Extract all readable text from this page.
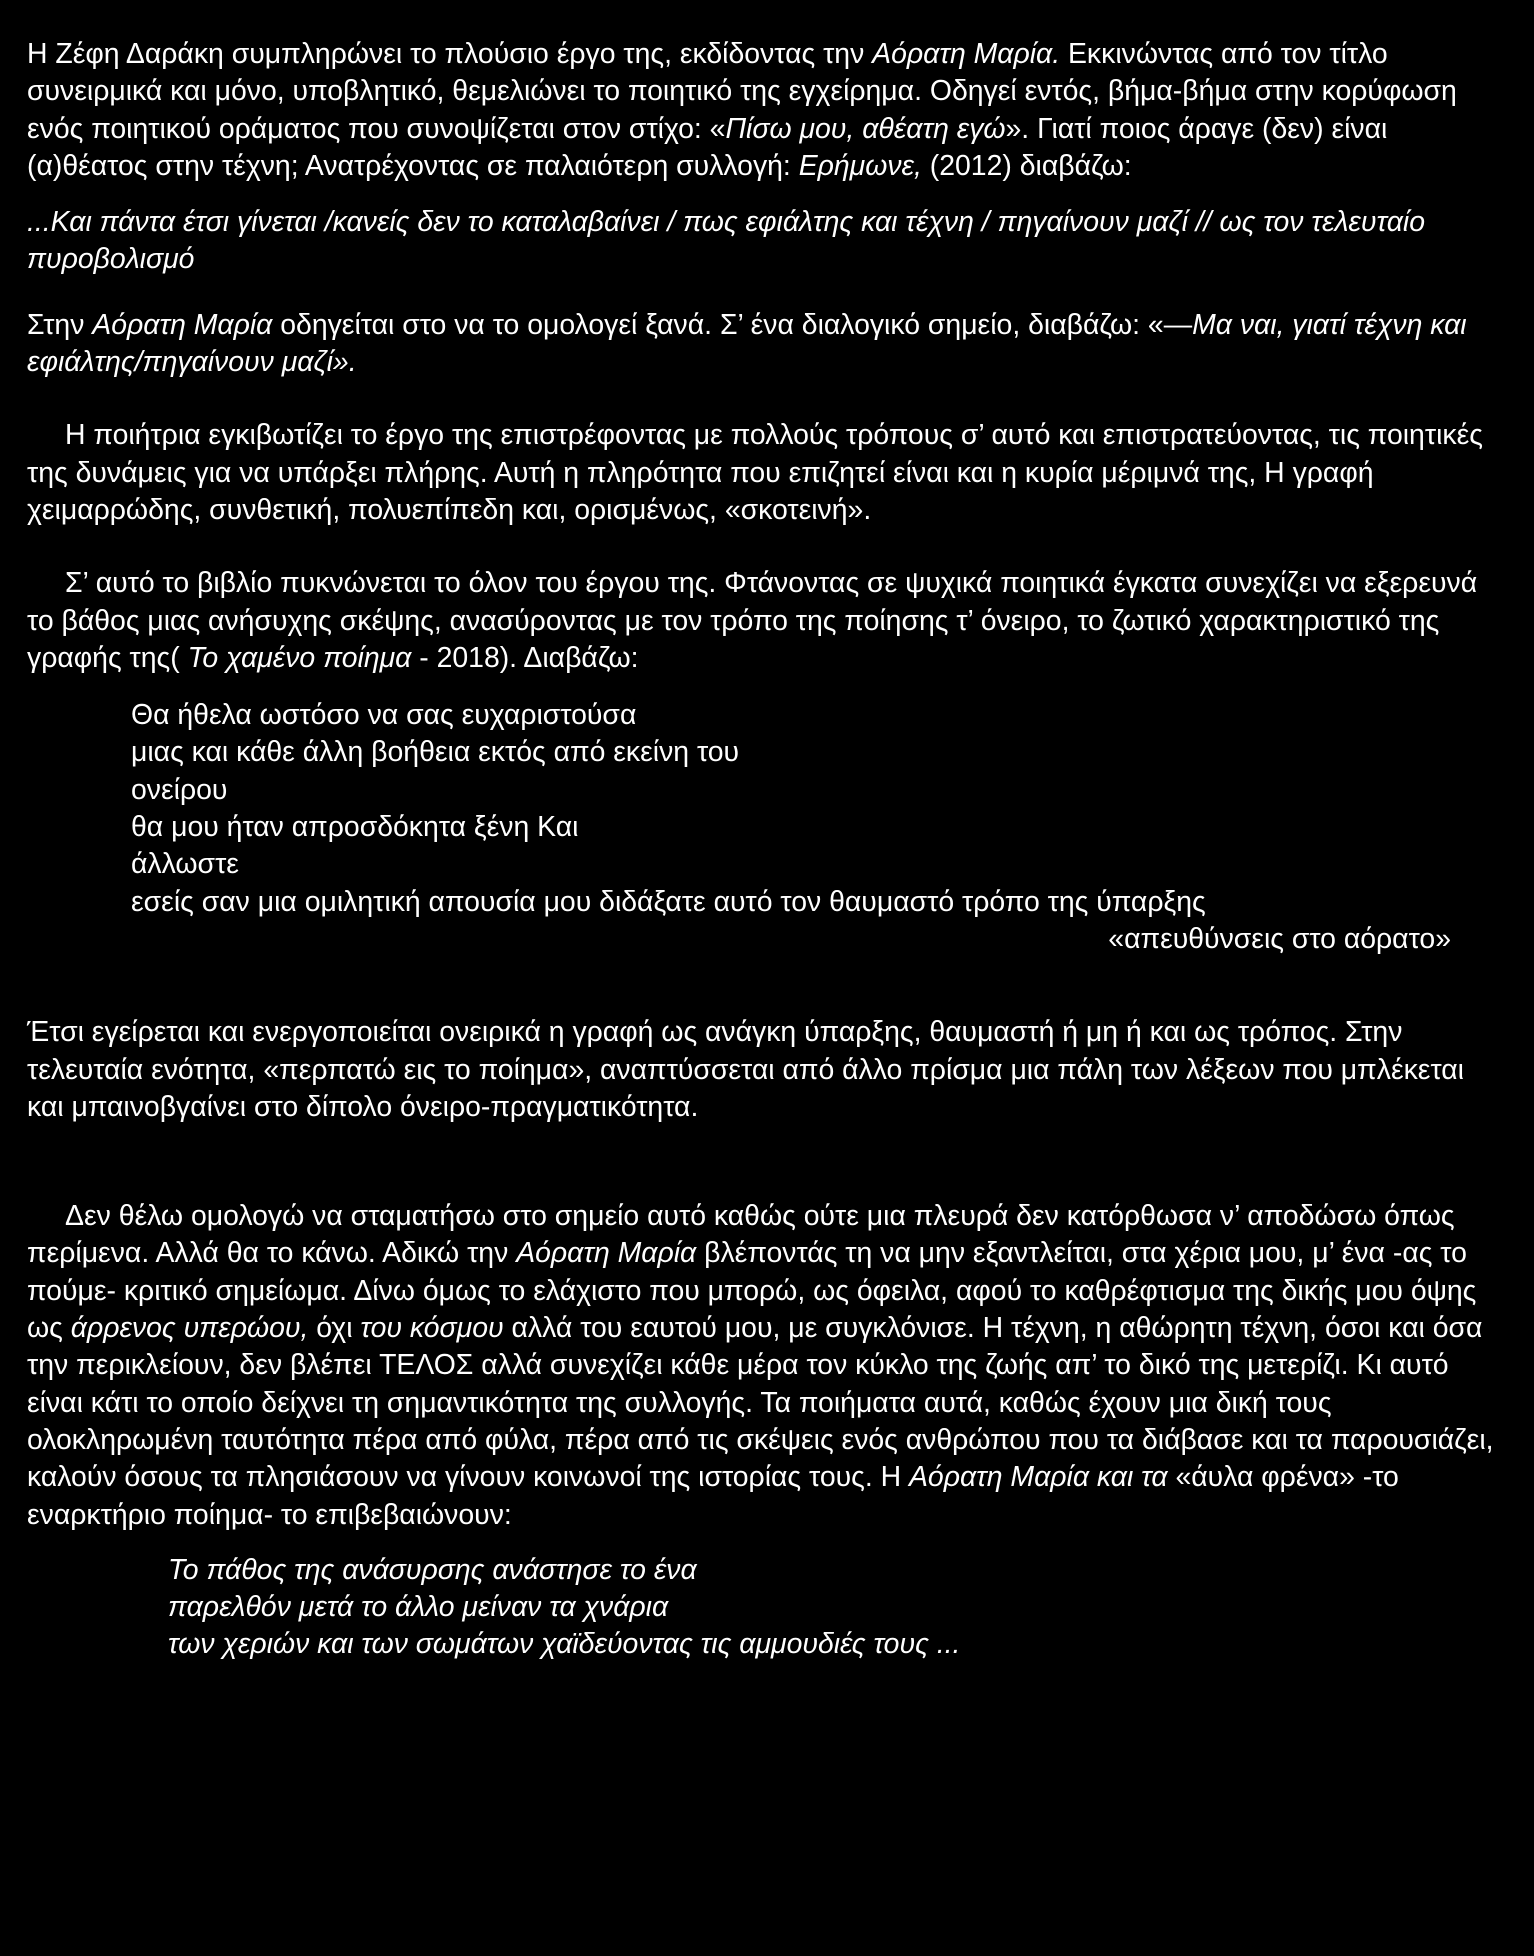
Η Ζέφη Δαράκη συμπληρώνει το πλούσιο έργο της, εκδίδοντας την Αόρατη Μαρία. Εκκινώντας από τον τίτλο συνειρμικά και μόνο, υποβλητικό, θεμελιώνει το ποιητικό της εγχείρημα. Οδηγεί εντός, βήμα-βήμα στην κορύφωση ενός ποιητικού οράματος που συνοψίζεται στον στίχο: «Πίσω μου, αθέατη εγώ». Γιατί ποιος άραγε (δεν) είναι (α)θέατος στην τέχνη; Ανατρέχοντας σε παλαιότερη συλλογή: Ερήμωνε, (2012) διαβάζω:

...Και πάντα έτσι γίνεται /κανείς δεν το καταλαβαίνει / πως εφιάλτης και τέχνη / πηγαίνουν μαζί // ως τον τελευταίο πυροβολισμό

Στην Αόρατη Μαρία οδηγείται στο να το ομολογεί ξανά. Σ’ ένα διαλογικό σημείο, διαβάζω: «—Μα ναι, γιατί τέχνη και εφιάλτης/πηγαίνουν μαζί».

Η ποιήτρια εγκιβωτίζει το έργο της επιστρέφοντας με πολλούς τρόπους σ’ αυτό και επιστρατεύοντας, τις ποιητικές της δυνάμεις για να υπάρξει πλήρης. Αυτή η πληρότητα που επιζητεί είναι και η κυρία μέριμνά της, Η γραφή χειμαρρώδης, συνθετική, πολυεπίπεδη και, ορισμένως, «σκοτεινή».

Σ’ αυτό το βιβλίο πυκνώνεται το όλον του έργου της. Φτάνοντας σε ψυχικά ποιητικά έγκατα συνεχίζει να εξερευνά το βάθος μιας ανήσυχης σκέψης, ανασύροντας με τον τρόπο της ποίησης τ’ όνειρο, το ζωτικό χαρακτηριστικό της γραφής της( Το χαμένο ποίημα - 2018). Διαβάζω:

Θα ήθελα ωστόσο να σας ευχαριστούσα
μιας και κάθε άλλη βοήθεια εκτός από εκείνη του
ονείρου
θα μου ήταν απροσδόκητα ξένη Και
άλλωστε
εσείς σαν μια ομιλητική απουσία μου διδάξατε αυτό τον θαυμαστό τρόπο της ύπαρξης
«απευθύνσεις στο αόρατο»

Έτσι εγείρεται και ενεργοποιείται ονειρικά η γραφή ως ανάγκη ύπαρξης, θαυμαστή ή μη ή και ως τρόπος. Στην τελευταία ενότητα, «περπατώ εις το ποίημα», αναπτύσσεται από άλλο πρίσμα μια πάλη των λέξεων που μπλέκεται και μπαινοβγαίνει στο δίπολο όνειρο-πραγματικότητα.

Δεν θέλω ομολογώ να σταματήσω στο σημείο αυτό καθώς ούτε μια πλευρά δεν κατόρθωσα ν’ αποδώσω όπως περίμενα. Αλλά θα το κάνω. Αδικώ την Αόρατη Μαρία βλέποντάς τη να μην εξαντλείται, στα χέρια μου, μ’ ένα -ας το πούμε- κριτικό σημείωμα. Δίνω όμως το ελάχιστο που μπορώ, ως όφειλα, αφού το καθρέφτισμα της δικής μου όψης ως άρρενος υπερώου, όχι του κόσμου αλλά του εαυτού μου, με συγκλόνισε. Η τέχνη, η αθώρητη τέχνη, όσοι και όσα την περικλείουν, δεν βλέπει ΤΕΛΟΣ αλλά συνεχίζει κάθε μέρα τον κύκλο της ζωής απ’ το δικό της μετερίζι. Κι αυτό είναι κάτι το οποίο δείχνει τη σημαντικότητα της συλλογής. Τα ποιήματα αυτά, καθώς έχουν μια δική τους ολοκληρωμένη ταυτότητα πέρα από φύλα, πέρα από τις σκέψεις ενός ανθρώπου που τα διάβασε και τα παρουσιάζει, καλούν όσους τα πλησιάσουν να γίνουν κοινωνοί της ιστορίας τους. Η Αόρατη Μαρία και τα «άυλα φρένα» -το εναρκτήριο ποίημα- το επιβεβαιώνουν:

Το πάθος της ανάσυρσης ανάστησε το ένα
παρελθόν μετά το άλλο μείναν τα χνάρια
των χεριών και των σωμάτων χαϊδεύοντας τις αμμουδιές τους ...
